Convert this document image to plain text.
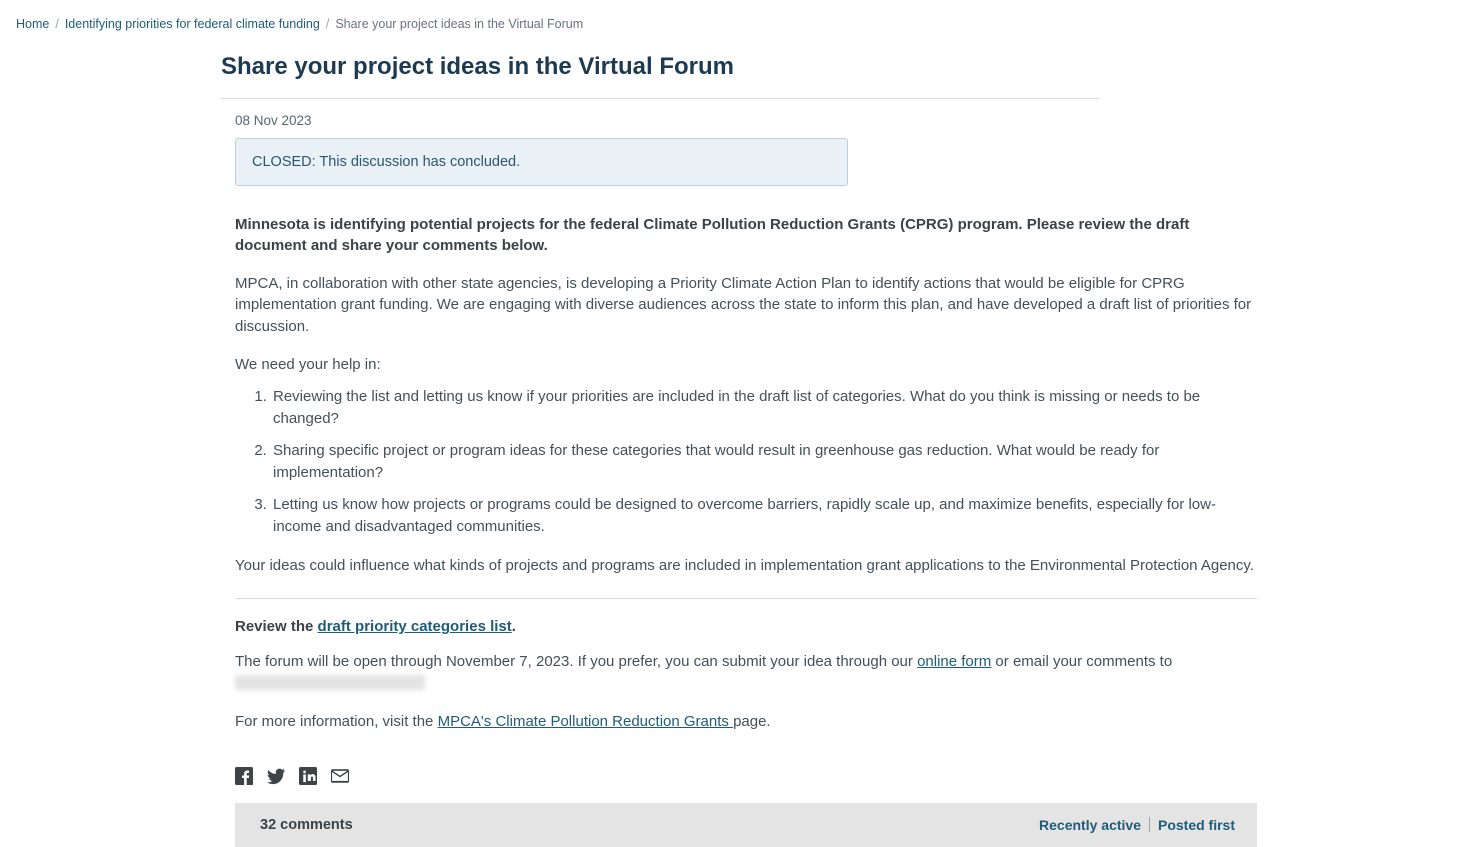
Home / Identifying priorities for federal climate funding / Share your project ideas in the Virtual Forum
Share your project ideas in the Virtual Forum
08 Nov 2023
CLOSED: This discussion has concluded.

Minnesota is identifying potential projects for the federal Climate Pollution Reduction Grants (CPRG) program. Please review the draft document and share your comments below.

MPCA, in collaboration with other state agencies, is developing a Priority Climate Action Plan to identify actions that would be eligible for CPRG implementation grant funding. We are engaging with diverse audiences across the state to inform this plan, and have developed a draft list of priorities for discussion.

We need your help in:

1. Reviewing the list and letting us know if your priorities are included in the draft list of categories. What do you think is missing or needs to be changed?
2. Sharing specific project or program ideas for these categories that would result in greenhouse gas reduction. What would be ready for implementation?
3. Letting us know how projects or programs could be designed to overcome barriers, rapidly scale up, and maximize benefits, especially for low-income and disadvantaged communities.

Your ideas could influence what kinds of projects and programs are included in implementation grant applications to the Environmental Protection Agency.

Review the draft priority categories list.

The forum will be open through November 7, 2023. If you prefer, you can submit your idea through our online form or email your comments to

For more information, visit the MPCA's Climate Pollution Reduction Grants page.

32 comments	Recently active	Posted first
